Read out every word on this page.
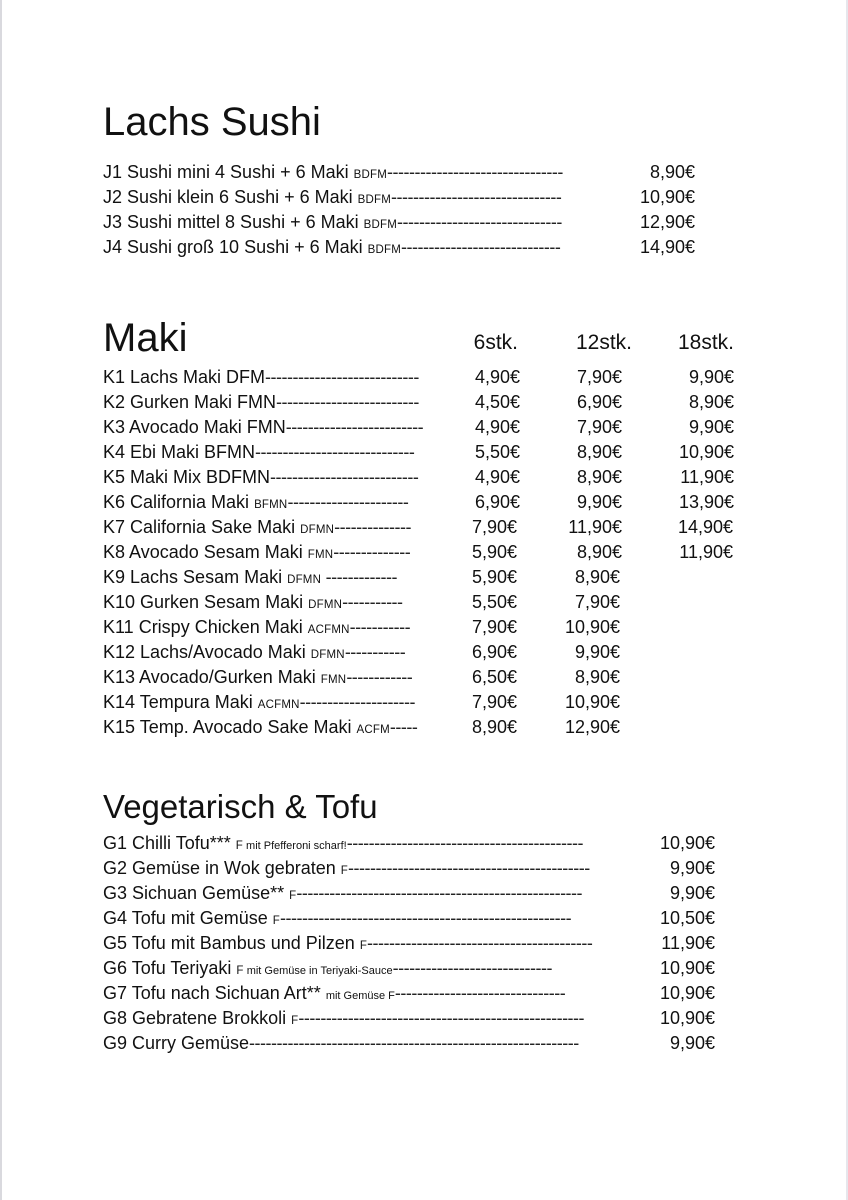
Lachs Sushi
J1 Sushi mini 4 Sushi + 6 Maki BDFM--------------------------------	8,90€
J2 Sushi klein 6 Sushi + 6 Maki BDFM-------------------------------	10,90€
J3 Sushi mittel 8 Sushi + 6 Maki BDFM------------------------------	12,90€
J4 Sushi groß 10 Sushi + 6 Maki BDFM-----------------------------	14,90€
Maki	6stk.	12stk. 18stk.
K1 Lachs Maki DFM----------------------------	4,90€	7,90€	9,90€
K2 Gurken Maki FMN--------------------------	4,50€	6,90€	8,90€
K3 Avocado Maki FMN-------------------------	4,90€	7,90€	9,90€
K4 Ebi Maki BFMN-----------------------------	5,50€	8,90€	10,90€
K5 Maki Mix BDFMN---------------------------	4,90€	8,90€	11,90€
K6 California Maki BFMN----------------------	6,90€	9,90€	13,90€
K7 California Sake Maki DFMN--------------	7,90€	11,90€	14,90€
K8 Avocado Sesam Maki FMN--------------	5,90€	8,90€	11,90€
K9 Lachs Sesam Maki DFMN -------------	5,90€	8,90€
K10 Gurken Sesam Maki DFMN-----------	5,50€	7,90€
K11 Crispy Chicken Maki ACFMN-----------	7,90€	10,90€
K12 Lachs/Avocado Maki DFMN-----------	6,90€	9,90€
K13 Avocado/Gurken Maki FMN------------	6,50€	8,90€
K14 Tempura Maki ACFMN---------------------	7,90€	10,90€
K15 Temp. Avocado Sake Maki ACFM-----	8,90€	12,90€
Vegetarisch & Tofu
G1 Chilli Tofu*** F mit Pfefferoni scharf!-------------------------------------------	10,90€
G2 Gemüse in Wok gebraten F--------------------------------------------	9,90€
G3 Sichuan Gemüse** F----------------------------------------------------	9,90€
G4 Tofu mit Gemüse F-----------------------------------------------------	10,50€
G5 Tofu mit Bambus und Pilzen F-----------------------------------------	11,90€
G6 Tofu Teriyaki F mit Gemüse in Teriyaki-Sauce-----------------------------	10,90€
G7 Tofu nach Sichuan Art** mit Gemüse F-------------------------------	10,90€
G8 Gebratene Brokkoli F----------------------------------------------------	10,90€
G9 Curry Gemüse------------------------------------------------------------	9,90€
